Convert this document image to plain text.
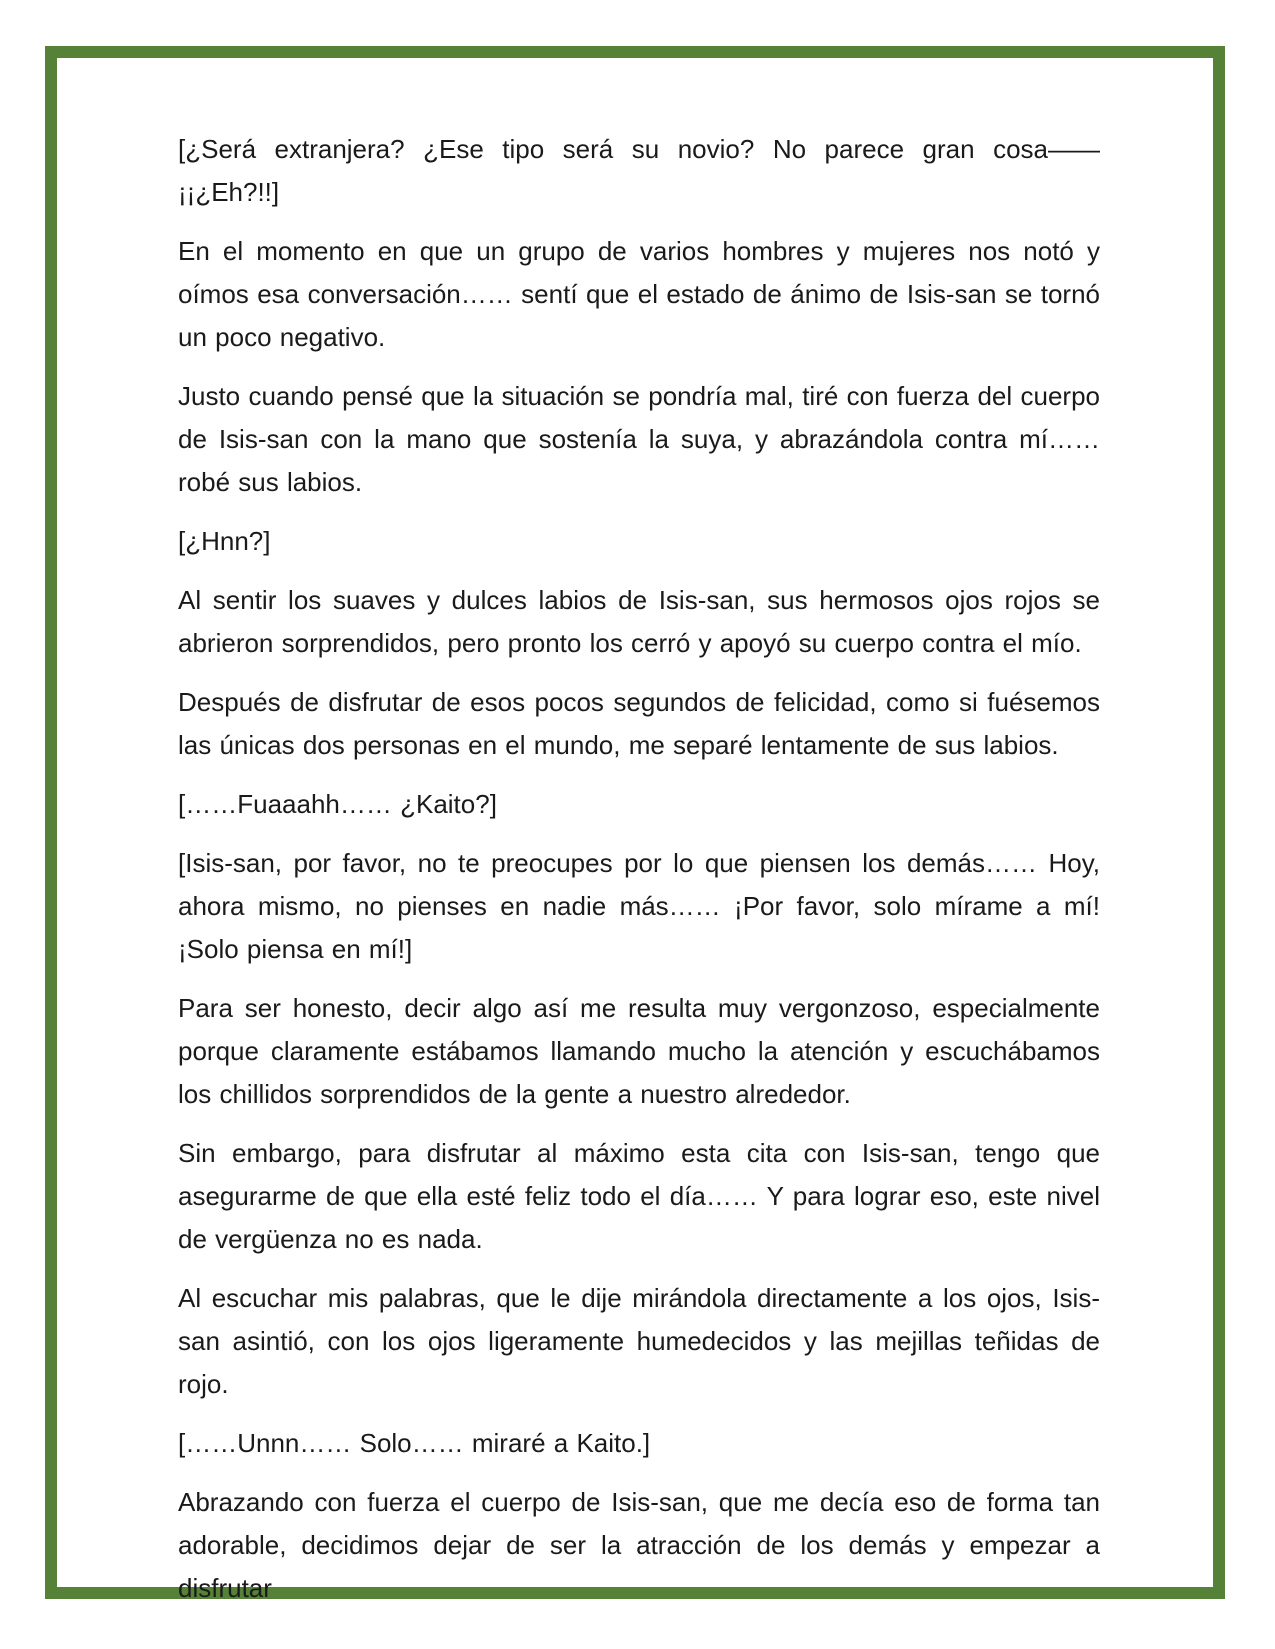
[¿Será extranjera? ¿Ese tipo será su novio? No parece gran cosa—— ¡¡¿Eh?!!]

En el momento en que un grupo de varios hombres y mujeres nos notó y oímos esa conversación…… sentí que el estado de ánimo de Isis-san se tornó un poco negativo.

Justo cuando pensé que la situación se pondría mal, tiré con fuerza del cuerpo de Isis-san con la mano que sostenía la suya, y abrazándola contra mí…… robé sus labios.

[¿Hnn?]

Al sentir los suaves y dulces labios de Isis-san, sus hermosos ojos rojos se abrieron sorprendidos, pero pronto los cerró y apoyó su cuerpo contra el mío.

Después de disfrutar de esos pocos segundos de felicidad, como si fuésemos las únicas dos personas en el mundo, me separé lentamente de sus labios.

[……Fuaaahh…… ¿Kaito?]

[Isis-san, por favor, no te preocupes por lo que piensen los demás…… Hoy, ahora mismo, no pienses en nadie más…… ¡Por favor, solo mírame a mí! ¡Solo piensa en mí!]

Para ser honesto, decir algo así me resulta muy vergonzoso, especialmente porque claramente estábamos llamando mucho la atención y escuchábamos los chillidos sorprendidos de la gente a nuestro alrededor.

Sin embargo, para disfrutar al máximo esta cita con Isis-san, tengo que asegurarme de que ella esté feliz todo el día…… Y para lograr eso, este nivel de vergüenza no es nada.

Al escuchar mis palabras, que le dije mirándola directamente a los ojos, Isis-san asintió, con los ojos ligeramente humedecidos y las mejillas teñidas de rojo.

[……Unnn…… Solo…… miraré a Kaito.]

Abrazando con fuerza el cuerpo de Isis-san, que me decía eso de forma tan adorable, decidimos dejar de ser la atracción de los demás y empezar a disfrutar
